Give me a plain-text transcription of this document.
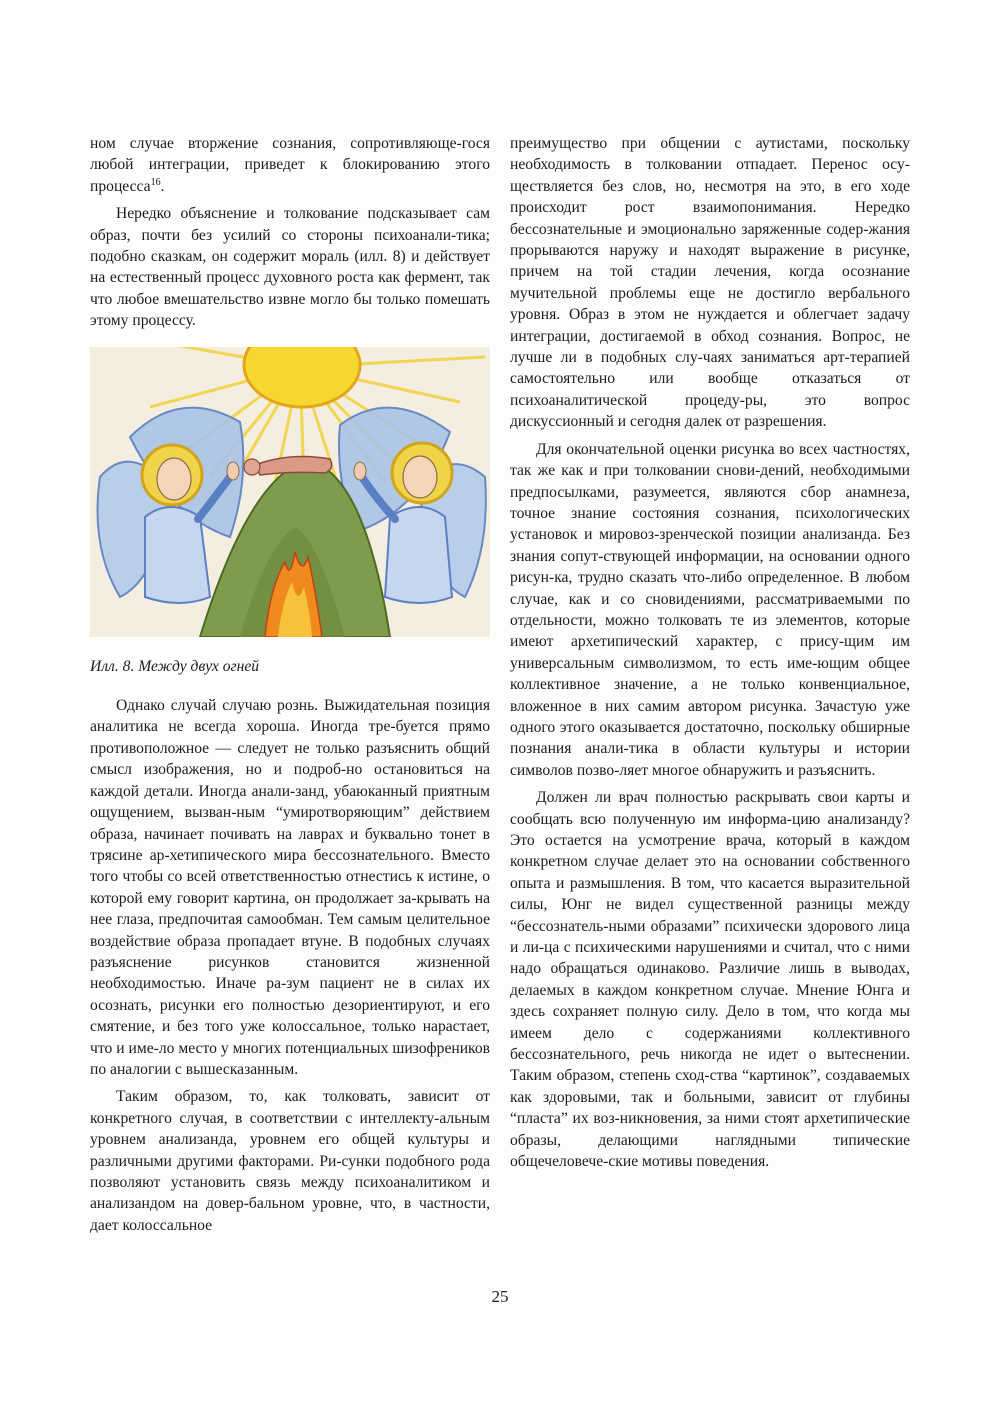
ном случае вторжение сознания, сопротивляюще-гося любой интеграции, приведет к блокированию этого процесса$^{16}$.

Нередко объяснение и толкование подсказывает сам образ, почти без усилий со стороны психоанали-тика; подобно сказкам, он содержит мораль (илл. 8) и действует на естественный процесс духовного роста как фермент, так что любое вмешательство извне могло бы только помешать этому процессу.

Илл. 8. Между двух огней

Однако случай случаю рознь. Выжидательная позиция аналитика не всегда хороша. Иногда тре-буется прямо противоположное — следует не только разъяснить общий смысл изображения, но и подроб-но остановиться на каждой детали. Иногда анали-занд, убаюканный приятным ощущением, вызван-ным “умиротворяющим” действием образа, начинает почивать на лаврах и буквально тонет в трясине ар-хетипического мира бессознательного. Вместо того чтобы со всей ответственностью отнестись к истине, о которой ему говорит картина, он продолжает за-крывать на нее глаза, предпочитая самообман. Тем самым целительное воздействие образа пропадает втуне. В подобных случаях разъяснение рисунков становится жизненной необходимостью. Иначе ра-зум пациент не в силах их осознать, рисунки его полностью дезориентируют, и его смятение, и без того уже колоссальное, только нарастает, что и име-ло место у многих потенциальных шизофреников по аналогии с вышесказанным.

Таким образом, то, как толковать, зависит от конкретного случая, в соответствии с интеллекту-альным уровнем анализанда, уровнем его общей культуры и различными другими факторами. Ри-сунки подобного рода позволяют установить связь между психоаналитиком и анализандом на довер-бальном уровне, что, в частности, дает колоссальное

преимущество при общении с аутистами, поскольку необходимость в толковании отпадает. Перенос осу-ществляется без слов, но, несмотря на это, в его ходе происходит рост взаимопонимания. Нередко бессознательные и эмоционально заряженные содер-жания прорываются наружу и находят выражение в рисунке, причем на той стадии лечения, когда осознание мучительной проблемы еще не достигло вербального уровня. Образ в этом не нуждается и облегчает задачу интеграции, достигаемой в обход сознания. Вопрос, не лучше ли в подобных слу-чаях заниматься арт-терапией самостоятельно или вообще отказаться от психоаналитической процеду-ры, это вопрос дискуссионный и сегодня далек от разрешения.

Для окончательной оценки рисунка во всех частностях, так же как и при толковании снови-дений, необходимыми предпосылками, разумеется, являются сбор анамнеза, точное знание состояния сознания, психологических установок и мировоз-зренческой позиции анализанда. Без знания сопут-ствующей информации, на основании одного рисун-ка, трудно сказать что-либо определенное. В любом случае, как и со сновидениями, рассматриваемыми по отдельности, можно толковать те из элементов, которые имеют архетипический характер, с прису-щим им универсальным символизмом, то есть име-ющим общее коллективное значение, а не только конвенциальное, вложенное в них самим автором рисунка. Зачастую уже одного этого оказывается достаточно, поскольку обширные познания анали-тика в области культуры и истории символов позво-ляет многое обнаружить и разъяснить.

Должен ли врач полностью раскрывать свои карты и сообщать всю полученную им информа-цию анализанду? Это остается на усмотрение врача, который в каждом конкретном случае делает это на основании собственного опыта и размышления. В том, что касается выразительной силы, Юнг не видел существенной разницы между “бессознатель-ными образами” психически здорового лица и ли-ца с психическими нарушениями и считал, что с ними надо обращаться одинаково. Различие лишь в выводах, делаемых в каждом конкретном случае. Мнение Юнга и здесь сохраняет полную силу. Дело в том, что когда мы имеем дело с содержаниями коллективного бессознательного, речь никогда не идет о вытеснении. Таким образом, степень сход-ства “картинок”, создаваемых как здоровыми, так и больными, зависит от глубины “пласта” их воз-никновения, за ними стоят архетипические образы, делающими наглядными типические общечеловече-ские мотивы поведения.

25
